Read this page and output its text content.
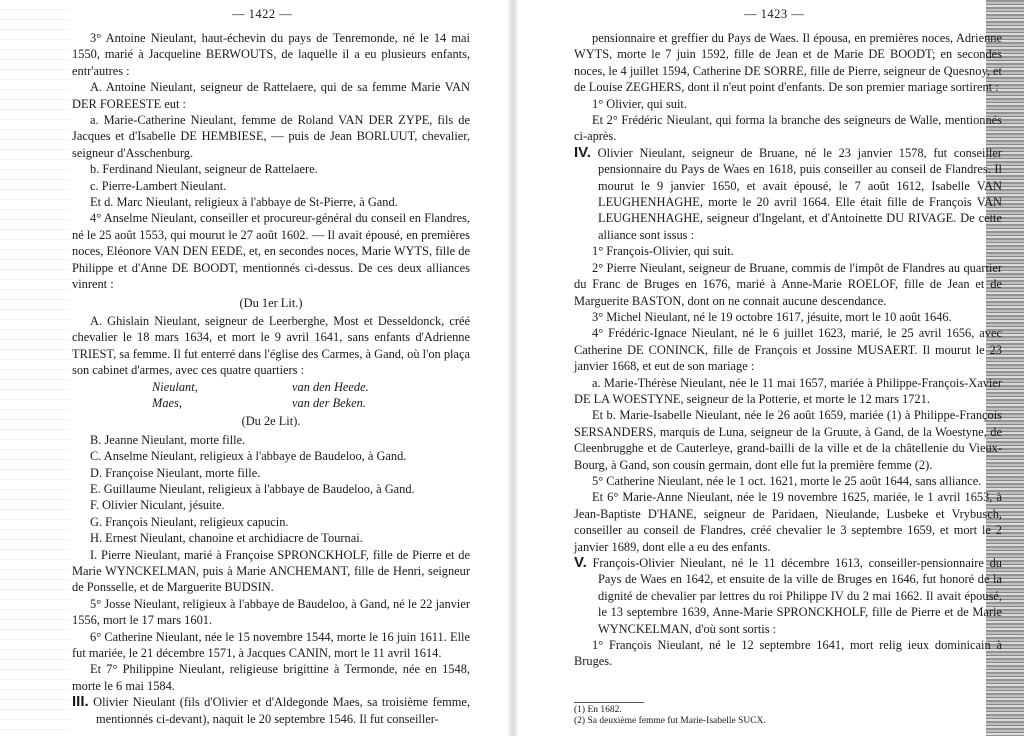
— 1422 —

3° Antoine Nieulant, haut-échevin du pays de Tenremonde, né le 14 mai 1550, marié à Jacqueline BERWOUTS, de laquelle il a eu plusieurs enfants, entr'autres :

A. Antoine Nieulant, seigneur de Rattelaere, qui de sa femme Marie VAN DER FOREESTE eut :

a. Marie-Catherine Nieulant, femme de Roland VAN DER ZYPE, fils de Jacques et d'Isabelle DE HEMBIESE, — puis de Jean BORLUUT, chevalier, seigneur d'Asschenburg.

b. Ferdinand Nieulant, seigneur de Rattelaere.

c. Pierre-Lambert Nieulant.

Et d. Marc Nieulant, religieux à l'abbaye de St-Pierre, à Gand.

4° Anselme Nieulant, conseiller et procureur-général du conseil en Flandres, né le 25 août 1553, qui mourut le 27 août 1602. — Il avait épousé, en premières noces, Eléonore VAN DEN EEDE, et, en secondes noces, Marie WYTS, fille de Philippe et d'Anne DE BOODT, mentionnés ci-dessus. De ces deux alliances vinrent :

(Du 1er Lit.)

A. Ghislain Nieulant, seigneur de Leerberghe, Most et Desseldonck, créé chevalier le 18 mars 1634, et mort le 9 avril 1641, sans enfants d'Adrienne TRIEST, sa femme. Il fut enterré dans l'église des Carmes, à Gand, où l'on plaça son cabinet d'armes, avec ces quatre quartiers :

Nieulant,	van den Heede.
Maes,	van der Beken.

(Du 2e Lit).

B. Jeanne Nieulant, morte fille.

C. Anselme Nieulant, religieux à l'abbaye de Baudeloo, à Gand.

D. Françoise Nieulant, morte fille.

E. Guillaume Nieulant, religieux à l'abbaye de Baudeloo, à Gand.

F. Olivier Niculant, jésuite.

G. François Nieulant, religieux capucin.

H. Ernest Nieulant, chanoine et archidiacre de Tournai.

I. Pierre Nieulant, marié à Françoise SPRONCKHOLF, fille de Pierre et de Marie WYNCKELMAN, puis à Marie ANCHEMANT, fille de Henri, seigneur de Ponsselle, et de Marguerite BUDSIN.

5° Josse Nieulant, religieux à l'abbaye de Baudeloo, à Gand, né le 22 janvier 1556, mort le 17 mars 1601.

6° Catherine Nieulant, née le 15 novembre 1544, morte le 16 juin 1611. Elle fut mariée, le 21 décembre 1571, à Jacques CANIN, mort le 11 avril 1614.

Et 7° Philippine Nieulant, religieuse brigittine à Termonde, née en 1548, morte le 6 mai 1584.

III. Olivier Nieulant (fils d'Olivier et d'Aldegonde Maes, sa troisième femme, mentionnés ci-devant), naquit le 20 septembre 1546. Il fut conseiller-

— 1423 —

pensionnaire et greffier du Pays de Waes. Il épousa, en premières noces, Adrienne WYTS, morte le 7 juin 1592, fille de Jean et de Marie DE BOODT; en secondes noces, le 4 juillet 1594, Catherine DE SORRE, fille de Pierre, seigneur de Quesnoy, et de Louise ZEGHERS, dont il n'eut point d'enfants. De son premier mariage sortirent :

1° Olivier, qui suit.

Et 2° Frédéric Nieulant, qui forma la branche des seigneurs de Walle, mentionnés ci-après.

IV. Olivier Nieulant, seigneur de Bruane, né le 23 janvier 1578, fut conseiller pensionnaire du Pays de Waes en 1618, puis conseiller au conseil de Flandres. Il mourut le 9 janvier 1650, et avait épousé, le 7 août 1612, Isabelle VAN LEUGHENHAGHE, morte le 20 avril 1664. Elle était fille de François VAN LEUGHENHAGHE, seigneur d'Ingelant, et d'Antoinette DU RIVAGE. De cette alliance sont issus :

1° François-Olivier, qui suit.

2° Pierre Nieulant, seigneur de Bruane, commis de l'impôt de Flandres au quartier du Franc de Bruges en 1676, marié à Anne-Marie ROELOF, fille de Jean et de Marguerite BASTON, dont on ne connait aucune descendance.

3° Michel Nieulant, né le 19 octobre 1617, jésuite, mort le 10 août 1646.

4° Frédéric-Ignace Nieulant, né le 6 juillet 1623, marié, le 25 avril 1656, avec Catherine DE CONINCK, fille de François et Jossine MUSAERT. Il mourut le 23 janvier 1668, et eut de son mariage :

a. Marie-Thérèse Nieulant, née le 11 mai 1657, mariée à Philippe-François-Xavier DE LA WOESTYNE, seigneur de la Potterie, et morte le 12 mars 1721.

Et b. Marie-Isabelle Nieulant, née le 26 août 1659, mariée (1) à Philippe-François SERSANDERS, marquis de Luna, seigneur de la Gruute, à Gand, de la Woestyne, de Cleenbrugghe et de Cauterleye, grand-bailli de la ville et de la châtellenie du Vieux-Bourg, à Gand, son cousin germain, dont elle fut la première femme (2).

5° Catherine Nieulant, née le 1 oct. 1621, morte le 25 août 1644, sans alliance.

Et 6° Marie-Anne Nieulant, née le 19 novembre 1625, mariée, le 1 avril 1653, à Jean-Baptiste D'HANE, seigneur de Paridaen, Nieulande, Lusbeke et Vrybusch, conseiller au conseil de Flandres, créé chevalier le 3 septembre 1659, et mort le 2 janvier 1689, dont elle a eu des enfants.

V. François-Olivier Nieulant, né le 11 décembre 1613, conseiller-pensionnaire du Pays de Waes en 1642, et ensuite de la ville de Bruges en 1646, fut honoré de la dignité de chevalier par lettres du roi Philippe IV du 2 mai 1662. Il avait épousé, le 13 septembre 1639, Anne-Marie SPRONCKHOLF, fille de Pierre et de Marie WYNCKELMAN, d'où sont sortis :

1° François Nieulant, né le 12 septembre 1641, mort relig ieux dominicain à Bruges.

(1) En 1682.

(2) Sa deuxième femme fut Marie-Isabelle SUCX.
